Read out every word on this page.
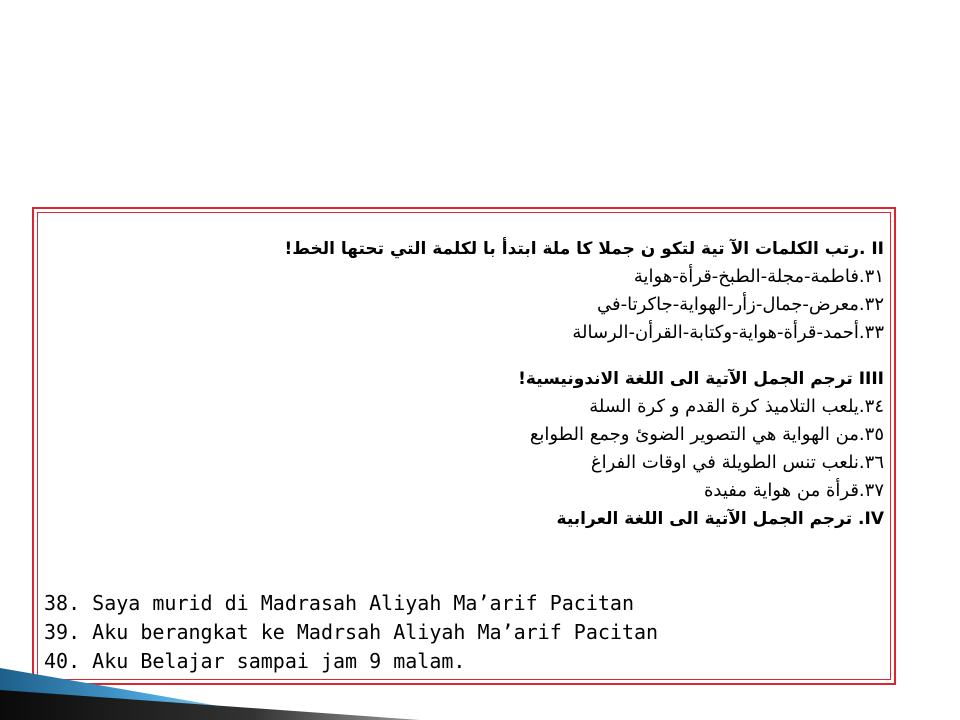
II .رتب الكلمات الآ تية لتكو ن جملا كا ملة ابتدأ با لكلمة التي تحتها الخط!
٣١.فاطمة-مجلة-الطبخ-قرأة-هواية
٣٢.معرض-جمال-زأر-الهواية-جاكرتا-في
٣٣.أحمد-قرأة-هواية-وكتابة-القرأن-الرسالة
IIII ترجم الجمل الآتية الى اللغة الاندونيسية!
٣٤.يلعب التلاميذ كرة القدم و كرة السلة
٣٥.من الهواية هي التصوير الضوئ وجمع الطوابع
٣٦.نلعب تنس الطويلة في اوقات الفراغ
٣٧.قرأة من هواية مفيدة
IV. ترجم الجمل الآتية الى اللغة العرابية
38. Saya murid di Madrasah Aliyah Ma’arif Pacitan
39. Aku berangkat ke Madrsah Aliyah Ma’arif Pacitan
40. Aku Belajar sampai jam 9 malam.
